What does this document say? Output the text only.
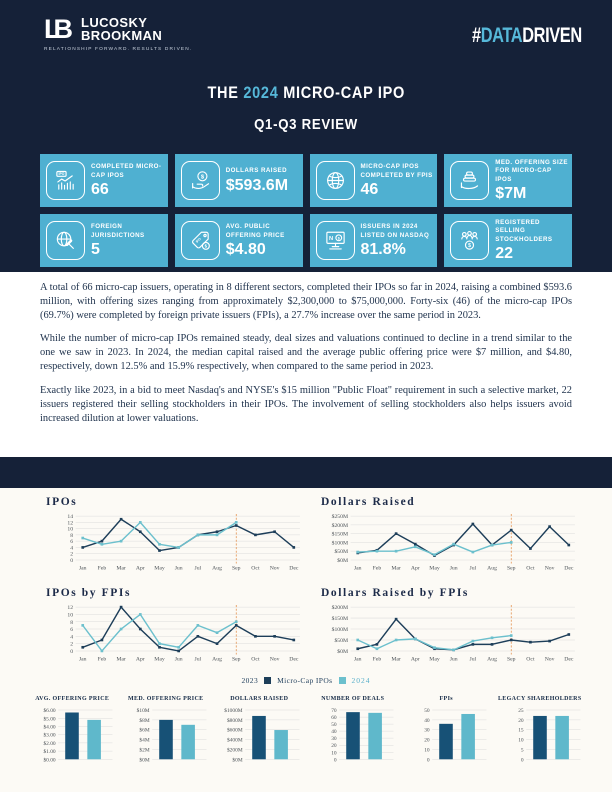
LB	LUCOSKY
BROOKMAN
RELATIONSHIP FORWARD. RESULTS DRIVEN.
#DATADRIVEN
THE 2024 MICRO-CAP IPO
Q1-Q3 REVIEW
IPO
COMPLETED MICRO-CAP IPOS
66
$
DOLLARS RAISED
$593.6M
MICRO-CAP IPOS COMPLETED BY FPIS
46
MED. OFFERING SIZE FOR MICRO-CAP IPOS
$7M
FOREIGN JURISDICTIONS
5
IPO
$
AVG. PUBLIC OFFERING PRICE
$4.80
N $
ISSUERS IN 2024 LISTED ON NASDAQ
81.8%	$
REGISTERED SELLING STOCKHOLDERS
22

A total of 66 micro-cap issuers, operating in 8 different sectors, completed their IPOs so far in 2024, raising a combined $593.6 million, with offering sizes ranging from approximately $2,300,000 to $75,000,000. Forty-six (46) of the micro-cap IPOs (69.7%) were completed by foreign private issuers (FPIs), a 27.7% increase over the same period in 2023.

While the number of micro-cap IPOs remained steady, deal sizes and valuations continued to decline in a trend similar to the one we saw in 2023. In 2024, the median capital raised and the average public offering price were $7 million, and $4.80, respectively, down 12.5% and 15.9% respectively, when compared to the same period in 2023.

Exactly like 2023, in a bid to meet Nasdaq's and NYSE's $15 million "Public Float" requirement in such a selective market, 22 issuers registered their selling stockholders in their IPOs. The involvement of selling stockholders also helps issuers avoid increased dilution at lower valuations.

IPOs
0
2
4
6
8
10
12
14
Jan Feb Mar Apr May Jun Jul Aug Sep Oct Nov Dec
Dollars Raised
$0M
$50M
$100M
$150M
$200M
$250M
Jan Feb Mar Apr May Jun Jul Aug Sep Oct Nov Dec
IPOs by FPIs
0
2
4
6
8
10
12
Jan Feb Mar Apr May Jun Jul Aug Sep Oct Nov Dec
Dollars Raised by FPIs
$0M
$50M
$100M
$150M
$200M
Jan Feb Mar Apr May Jun Jul Aug Sep Oct Nov Dec
2023	Micro-Cap IPOs	2024
AVG. OFFERING PRICE
$0.00
$1.00
$2.00
$3.00
$4.00
$5.00
$6.00
MED. OFFERING PRICE
$0M
$2M
$4M
$6M
$8M
$10M
DOLLARS RAISED
$0M
$200M
$400M
$600M
$800M
$1000M
NUMBER OF DEALS
0
10
20
30
40
50
60
70
FPIs
0
10
20
30
40
50
LEGACY SHAREHOLDERS
0
5
10
15
20
25
